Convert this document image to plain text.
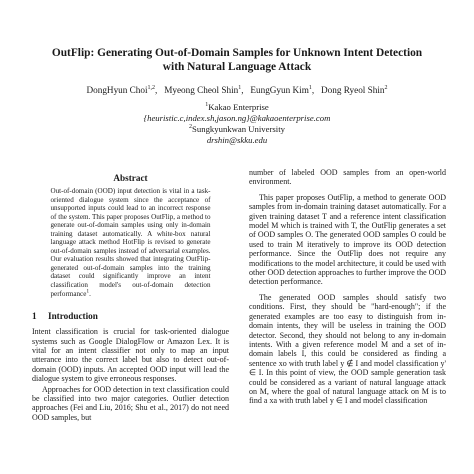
OutFlip: Generating Out-of-Domain Samples for Unknown Intent Detection with Natural Language Attack
DongHyun Choi$^{1,2}$,   Myeong Cheol Shin$^1$,   EungGyun Kim$^1$,   Dong Ryeol Shin$^2$
$^1$Kakao Enterprise
{heuristic.c,index.sh,jason.ng}@kakaoenterprise.com
$^2$Sungkyunkwan University
drshin@skku.edu
Abstract
Out-of-domain (OOD) input detection is vital in a task-oriented dialogue system since the acceptance of unsupported inputs could lead to an incorrect response of the system. This paper proposes OutFlip, a method to generate out-of-domain samples using only in-domain training dataset automatically. A white-box natural language attack method HotFlip is revised to generate out-of-domain samples instead of adversarial examples. Our evaluation results showed that integrating OutFlip-generated out-of-domain samples into the training dataset could significantly improve an intent classification model's out-of-domain detection performance$^1$.
1 Introduction

Intent classification is crucial for task-oriented dialogue systems such as Google DialogFlow or Amazon Lex. It is vital for an intent classifier not only to map an input utterance into the correct label but also to detect out-of-domain (OOD) inputs. An accepted OOD input will lead the dialogue system to give erroneous responses.

Approaches for OOD detection in text classification could be classified into two major categories. Outlier detection approaches (Fei and Liu, 2016; Shu et al., 2017) do not need OOD samples, but

number of labeled OOD samples from an open-world environment.

This paper proposes OutFlip, a method to generate OOD samples from in-domain training dataset automatically. For a given training dataset T and a reference intent classification model M which is trained with T, the OutFlip generates a set of OOD samples O. The generated OOD samples O could be used to train M iteratively to improve its OOD detection performance. Since the OutFlip does not require any modifications to the model architecture, it could be used with other OOD detection approaches to further improve the OOD detection performance.

The generated OOD samples should satisfy two conditions. First, they should be "hard-enough"; if the generated examples are too easy to distinguish from in-domain intents, they will be useless in training the OOD detector. Second, they should not belong to any in-domain intents. With a given reference model M and a set of in-domain labels I, this could be considered as finding a sentence xo with truth label y ∉ I and model classification y' ∈ I. In this point of view, the OOD sample generation task could be considered as a variant of natural language attack on M, where the goal of natural language attack on M is to find a xa with truth label y ∈ I and model classification
